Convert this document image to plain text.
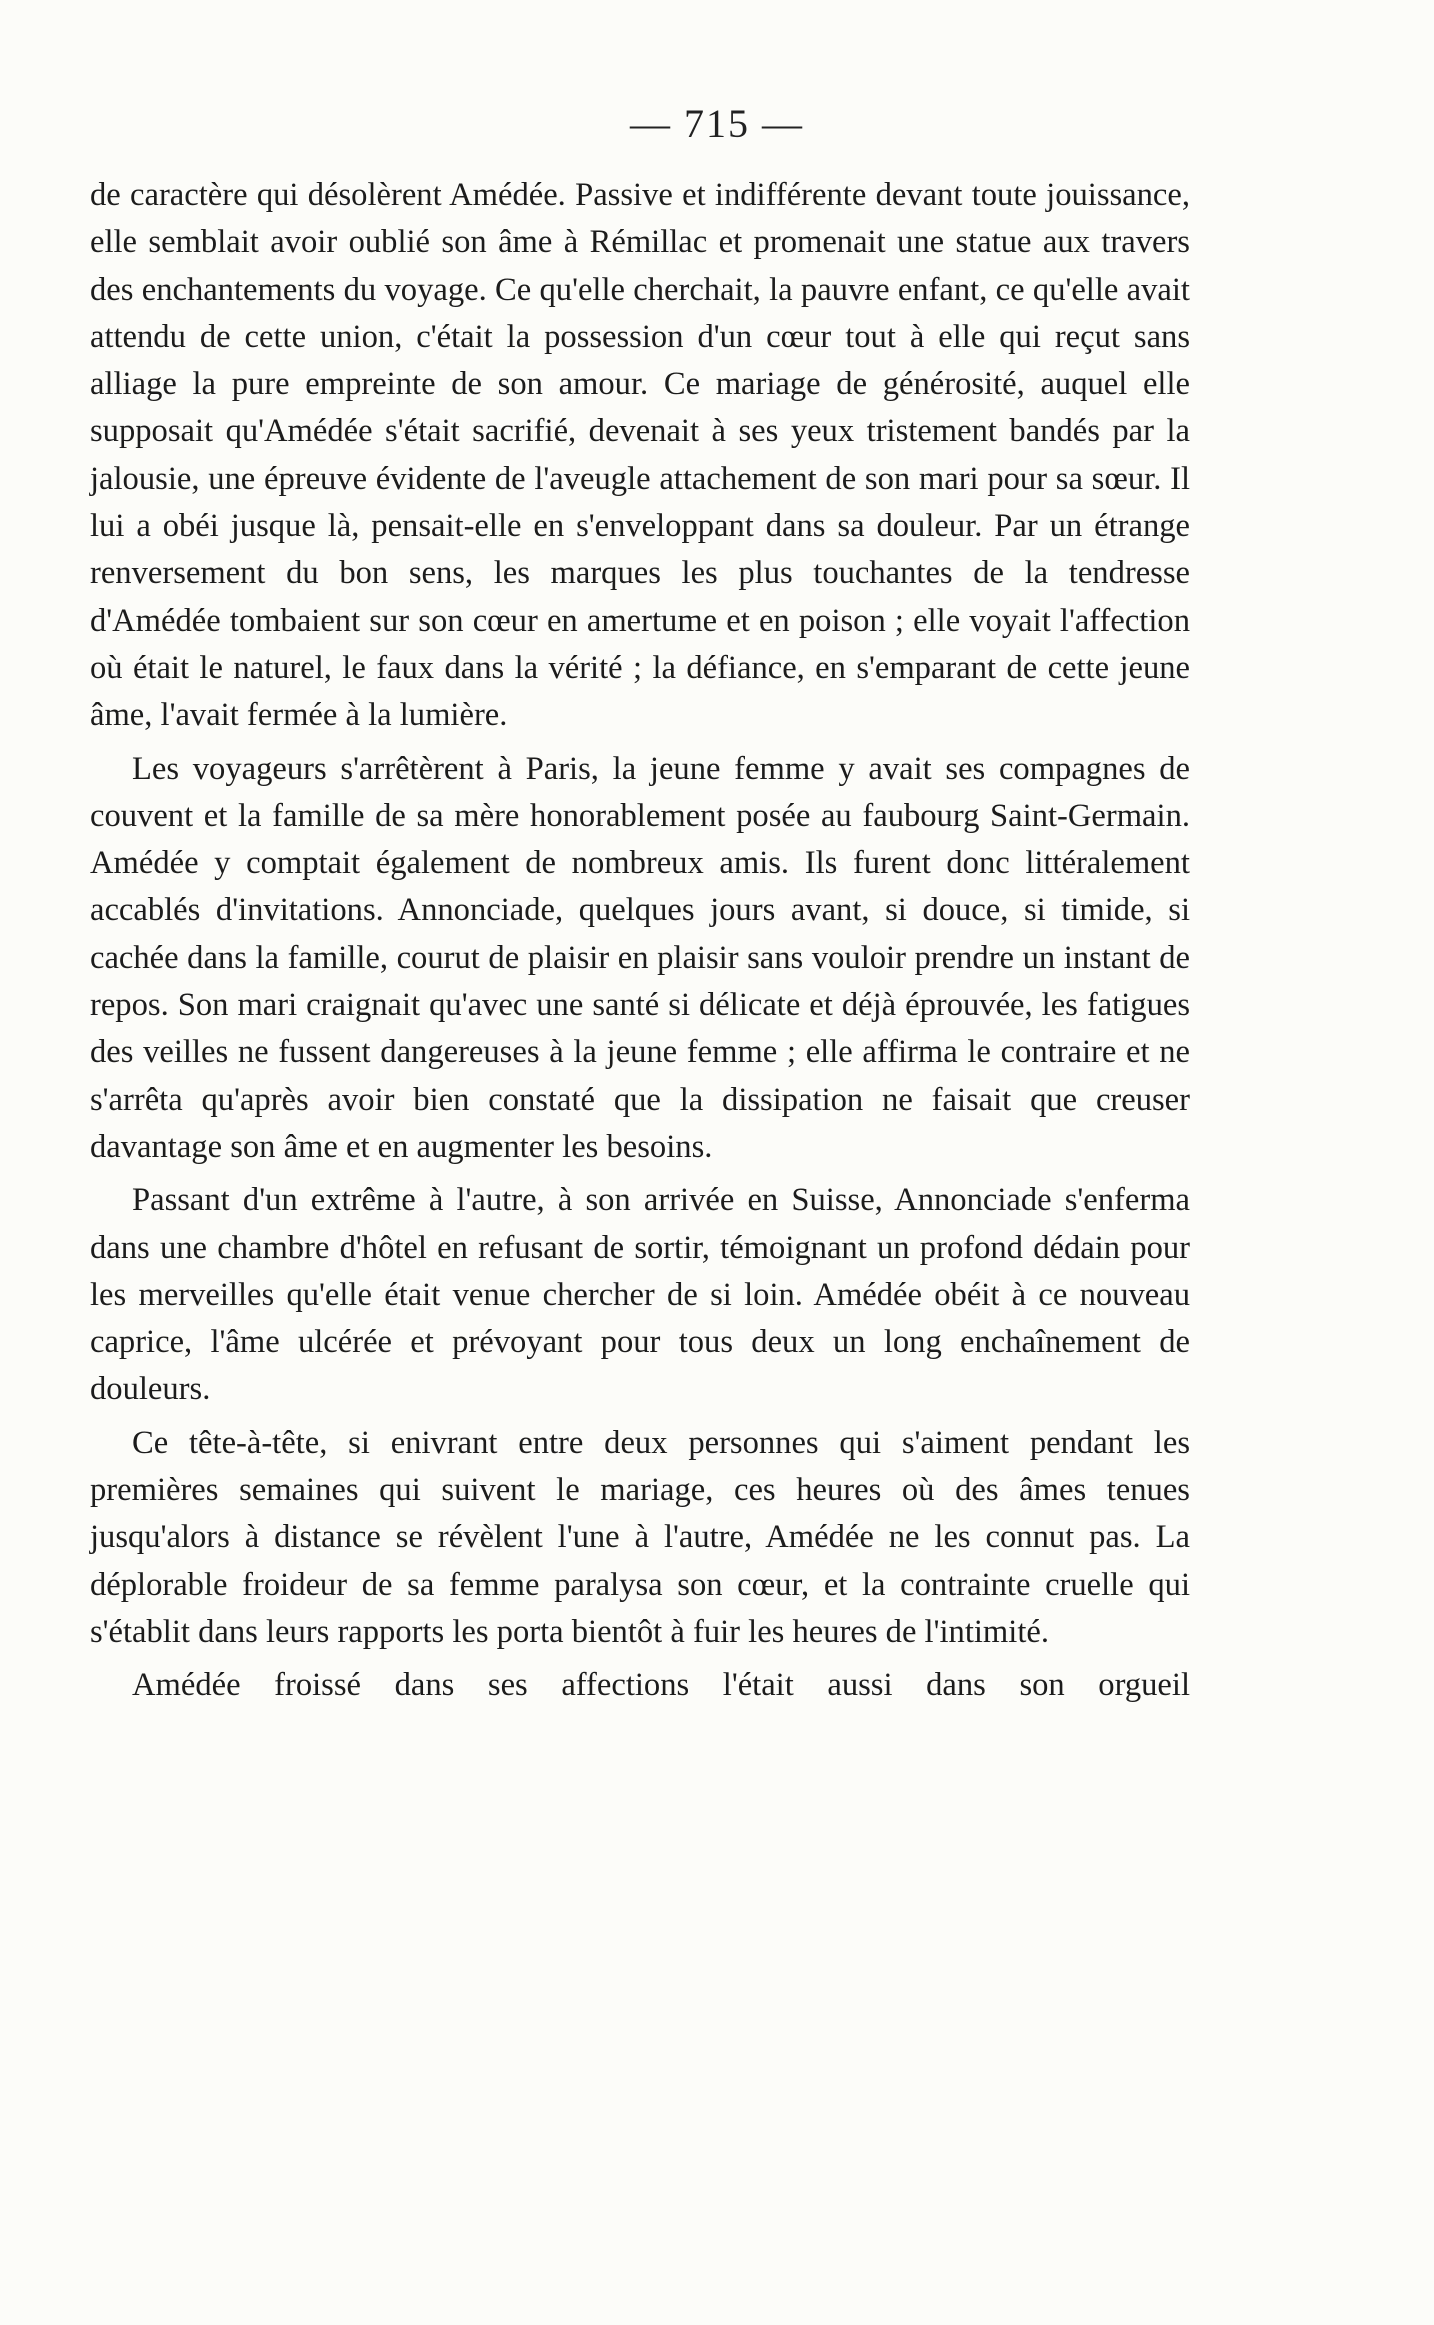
— 715 —

de caractère qui désolèrent Amédée. Passive et indifférente devant toute jouissance, elle semblait avoir oublié son âme à Rémillac et promenait une statue aux travers des enchantements du voyage. Ce qu'elle cherchait, la pauvre enfant, ce qu'elle avait attendu de cette union, c'était la possession d'un cœur tout à elle qui reçut sans alliage la pure empreinte de son amour. Ce mariage de générosité, auquel elle supposait qu'Amédée s'était sacrifié, devenait à ses yeux tristement bandés par la jalousie, une épreuve évidente de l'aveugle attachement de son mari pour sa sœur. Il lui a obéi jusque là, pensait-elle en s'enveloppant dans sa douleur. Par un étrange renversement du bon sens, les marques les plus touchantes de la tendresse d'Amédée tombaient sur son cœur en amertume et en poison ; elle voyait l'affection où était le naturel, le faux dans la vérité ; la défiance, en s'emparant de cette jeune âme, l'avait fermée à la lumière.

Les voyageurs s'arrêtèrent à Paris, la jeune femme y avait ses compagnes de couvent et la famille de sa mère honorablement posée au faubourg Saint-Germain. Amédée y comptait également de nombreux amis. Ils furent donc littéralement accablés d'invitations. Annonciade, quelques jours avant, si douce, si timide, si cachée dans la famille, courut de plaisir en plaisir sans vouloir prendre un instant de repos. Son mari craignait qu'avec une santé si délicate et déjà éprouvée, les fatigues des veilles ne fussent dangereuses à la jeune femme ; elle affirma le contraire et ne s'arrêta qu'après avoir bien constaté que la dissipation ne faisait que creuser davantage son âme et en augmenter les besoins.

Passant d'un extrême à l'autre, à son arrivée en Suisse, Annonciade s'enferma dans une chambre d'hôtel en refusant de sortir, témoignant un profond dédain pour les merveilles qu'elle était venue chercher de si loin. Amédée obéit à ce nouveau caprice, l'âme ulcérée et prévoyant pour tous deux un long enchaînement de douleurs.

Ce tête-à-tête, si enivrant entre deux personnes qui s'aiment pendant les premières semaines qui suivent le mariage, ces heures où des âmes tenues jusqu'alors à distance se révèlent l'une à l'autre, Amédée ne les connut pas. La déplorable froideur de sa femme paralysa son cœur, et la contrainte cruelle qui s'établit dans leurs rapports les porta bientôt à fuir les heures de l'intimité.

Amédée froissé dans ses affections l'était aussi dans son orgueil
